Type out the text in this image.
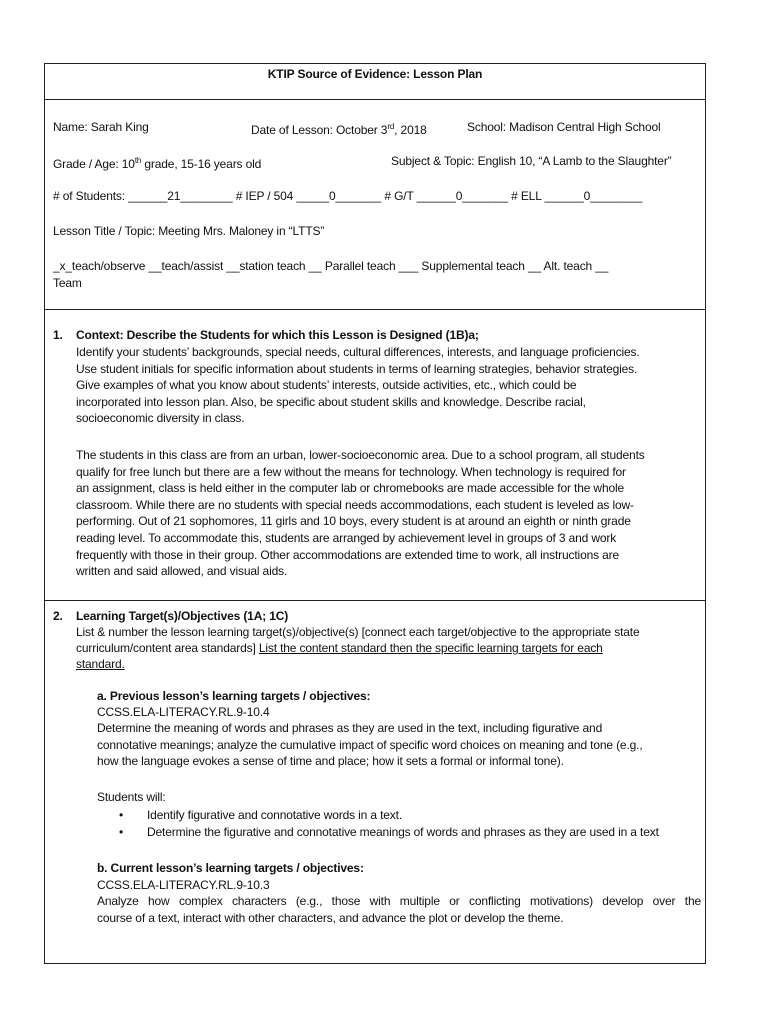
KTIP Source of Evidence: Lesson Plan
Name: Sarah King	Date of Lesson: October 3rd, 2018	School: Madison Central High School
Grade / Age: 10th grade, 15-16 years old	Subject & Topic: English 10, “A Lamb to the Slaughter”
# of Students: ______21________ # IEP / 504 _____0_______ # G/T ______0_______ # ELL ______0________
Lesson Title / Topic: Meeting Mrs. Maloney in “LTTS”
_x_teach/observe __teach/assist __station teach __ Parallel teach ___ Supplemental teach __ Alt. teach __
Team
1. Context: Describe the Students for which this Lesson is Designed (1B)a;
Identify your students’ backgrounds, special needs, cultural differences, interests, and language proficiencies.
Use student initials for specific information about students in terms of learning strategies, behavior strategies.
Give examples of what you know about students’ interests, outside activities, etc., which could be
incorporated into lesson plan. Also, be specific about student skills and knowledge. Describe racial,
socioeconomic diversity in class.
The students in this class are from an urban, lower-socioeconomic area. Due to a school program, all students
qualify for free lunch but there are a few without the means for technology. When technology is required for
an assignment, class is held either in the computer lab or chromebooks are made accessible for the whole
classroom. While there are no students with special needs accommodations, each student is leveled as low-
performing. Out of 21 sophomores, 11 girls and 10 boys, every student is at around an eighth or ninth grade
reading level. To accommodate this, students are arranged by achievement level in groups of 3 and work
frequently with those in their group. Other accommodations are extended time to work, all instructions are
written and said allowed, and visual aids.
2. Learning Target(s)/Objectives (1A; 1C)
List & number the lesson learning target(s)/objective(s) [connect each target/objective to the appropriate state
curriculum/content area standards] List the content standard then the specific learning targets for each
standard.
a. Previous lesson’s learning targets / objectives:
CCSS.ELA-LITERACY.RL.9-10.4
Determine the meaning of words and phrases as they are used in the text, including figurative and
connotative meanings; analyze the cumulative impact of specific word choices on meaning and tone (e.g.,
how the language evokes a sense of time and place; how it sets a formal or informal tone).
Students will:
• Identify figurative and connotative words in a text.
• Determine the figurative and connotative meanings of words and phrases as they are used in a text
b. Current lesson’s learning targets / objectives:
CCSS.ELA-LITERACY.RL.9-10.3
Analyze how complex characters (e.g., those with multiple or conflicting motivations) develop over the
course of a text, interact with other characters, and advance the plot or develop the theme.
